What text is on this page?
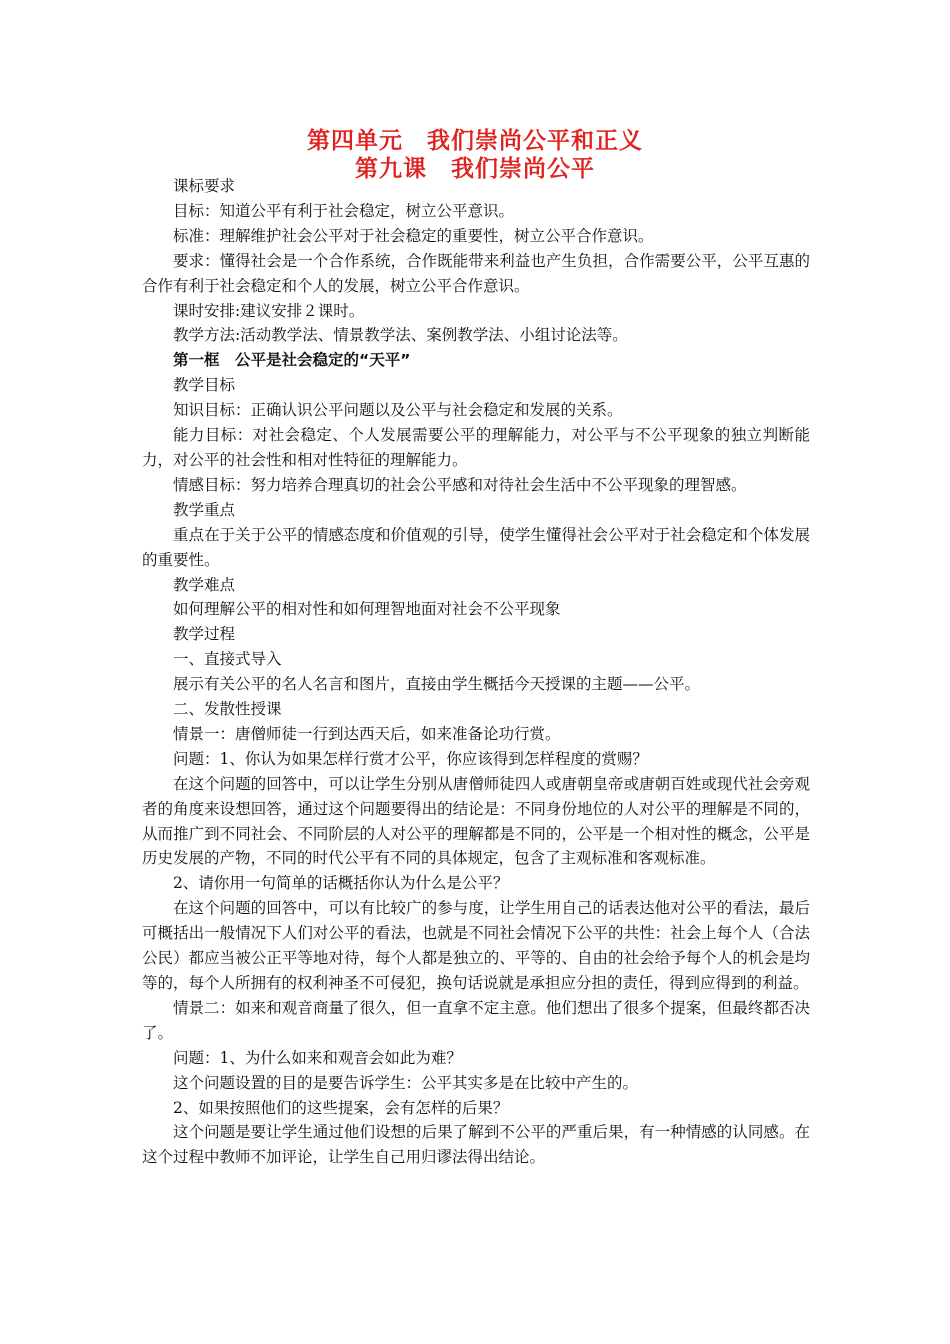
第四单元　我们崇尚公平和正义
第九课　我们崇尚公平

课标要求

目标：知道公平有利于社会稳定，树立公平意识。

标准：理解维护社会公平对于社会稳定的重要性，树立公平合作意识。

要求：懂得社会是一个合作系统，合作既能带来利益也产生负担，合作需要公平，公平互惠的合作有利于社会稳定和个人的发展，树立公平合作意识。

课时安排:建议安排２课时。

教学方法:活动教学法、情景教学法、案例教学法、小组讨论法等。

第一框　公平是社会稳定的“天平”

教学目标

知识目标：正确认识公平问题以及公平与社会稳定和发展的关系。

能力目标：对社会稳定、个人发展需要公平的理解能力，对公平与不公平现象的独立判断能力，对公平的社会性和相对性特征的理解能力。

情感目标：努力培养合理真切的社会公平感和对待社会生活中不公平现象的理智感。

教学重点

重点在于关于公平的情感态度和价值观的引导，使学生懂得社会公平对于社会稳定和个体发展的重要性。

教学难点

如何理解公平的相对性和如何理智地面对社会不公平现象

教学过程

一、直接式导入

展示有关公平的名人名言和图片，直接由学生概括今天授课的主题——公平。

二、发散性授课

情景一：唐僧师徒一行到达西天后，如来准备论功行赏。

问题：1、你认为如果怎样行赏才公平，你应该得到怎样程度的赏赐？

在这个问题的回答中，可以让学生分别从唐僧师徒四人或唐朝皇帝或唐朝百姓或现代社会旁观者的角度来设想回答，通过这个问题要得出的结论是：不同身份地位的人对公平的理解是不同的，从而推广到不同社会、不同阶层的人对公平的理解都是不同的，公平是一个相对性的概念，公平是历史发展的产物，不同的时代公平有不同的具体规定，包含了主观标准和客观标准。

2、请你用一句简单的话概括你认为什么是公平？

在这个问题的回答中，可以有比较广的参与度，让学生用自己的话表达他对公平的看法，最后可概括出一般情况下人们对公平的看法，也就是不同社会情况下公平的共性：社会上每个人（合法公民）都应当被公正平等地对待，每个人都是独立的、平等的、自由的社会给予每个人的机会是均等的，每个人所拥有的权利神圣不可侵犯，换句话说就是承担应分担的责任，得到应得到的利益。

情景二：如来和观音商量了很久，但一直拿不定主意。他们想出了很多个提案，但最终都否决了。

问题：1、为什么如来和观音会如此为难？

这个问题设置的目的是要告诉学生：公平其实多是在比较中产生的。

2、如果按照他们的这些提案，会有怎样的后果？

这个问题是要让学生通过他们设想的后果了解到不公平的严重后果，有一种情感的认同感。在这个过程中教师不加评论，让学生自己用归谬法得出结论。
